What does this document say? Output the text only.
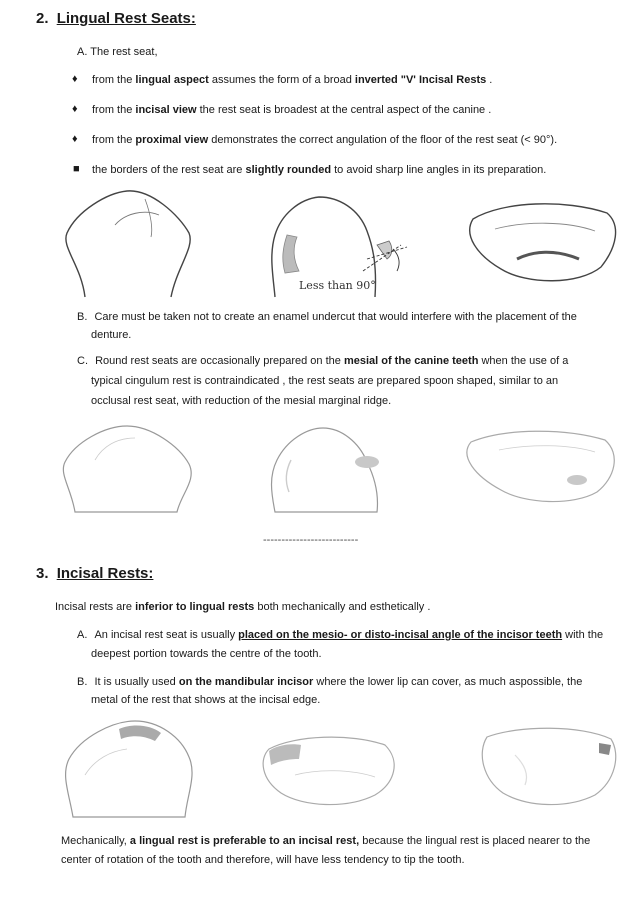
2. Lingual Rest Seats:
A. The rest seat,
♦ from the lingual aspect assumes the form of a broad inverted "V' Incisal Rests .
♦ from the incisal view the rest seat is broadest at the central aspect of the canine .
♦ from the proximal view demonstrates the correct angulation of the floor of the rest seat (< 90°).
■ the borders of the rest seat are slightly rounded to avoid sharp line angles in its preparation.
Less than 90°
B. Care must be taken not to create an enamel undercut that would interfere with the placement of the
denture.
C. Round rest seats are occasionally prepared on the mesial of the canine teeth when the use of a
typical cingulum rest is contraindicated , the rest seats are prepared spoon shaped, similar to an
occlusal rest seat, with reduction of the mesial marginal ridge.
--------------------------
3. Incisal Rests:
Incisal rests are inferior to lingual rests both mechanically and esthetically .
A. An incisal rest seat is usually placed on the mesio- or disto-incisal angle of the incisor teeth with the
deepest portion towards the centre of the tooth.
B. It is usually used on the mandibular incisor where the lower lip can cover, as much aspossible, the
metal of the rest that shows at the incisal edge.
Mechanically, a lingual rest is preferable to an incisal rest, because the lingual rest is placed nearer to the
center of rotation of the tooth and therefore, will have less tendency to tip the tooth.
